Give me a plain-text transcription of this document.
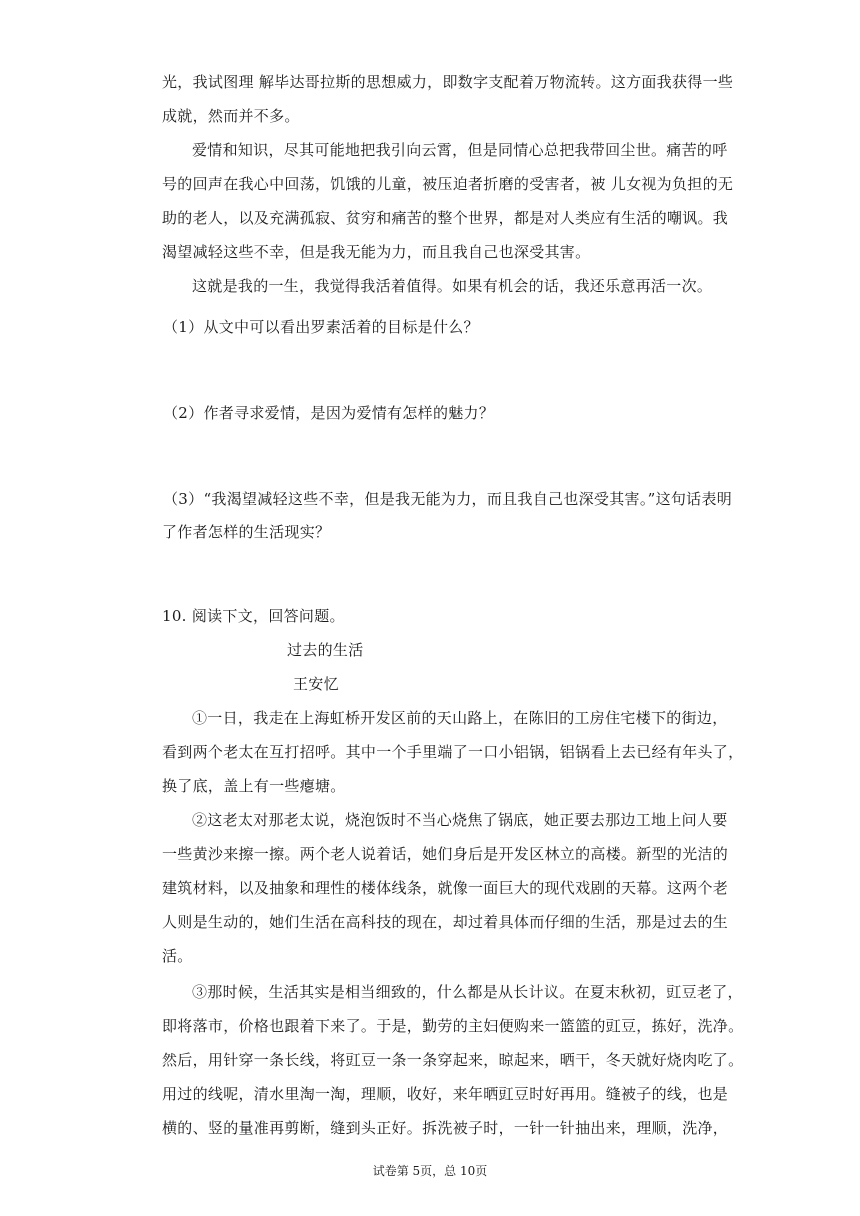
光，我试图理 解毕达哥拉斯的思想威力，即数字支配着万物流转。这方面我获得一些
成就，然而并不多。
爱情和知识，尽其可能地把我引向云霄，但是同情心总把我带回尘世。痛苦的呼
号的回声在我心中回荡，饥饿的儿童，被压迫者折磨的受害者，被 儿女视为负担的无
助的老人，以及充满孤寂、贫穷和痛苦的整个世界，都是对人类应有生活的嘲讽。我
渴望减轻这些不幸，但是我无能为力，而且我自己也深受其害。
这就是我的一生，我觉得我活着值得。如果有机会的话，我还乐意再活一次。
（1）从文中可以看出罗素活着的目标是什么？
（2）作者寻求爱情，是因为爱情有怎样的魅力？
（3）“我渴望减轻这些不幸，但是我无能为力，而且我自己也深受其害。”这句话表明
了作者怎样的生活现实？
10. 阅读下文，回答问题。
过去的生活
王安忆
①一日，我走在上海虹桥开发区前的天山路上，在陈旧的工房住宅楼下的街边，
看到两个老太在互打招呼。其中一个手里端了一口小铝锅，铝锅看上去已经有年头了，
换了底，盖上有一些瘪塘。
②这老太对那老太说，烧泡饭时不当心烧焦了锅底，她正要去那边工地上问人要
一些黄沙来擦一擦。两个老人说着话，她们身后是开发区林立的高楼。新型的光洁的
建筑材料，以及抽象和理性的楼体线条，就像一面巨大的现代戏剧的天幕。这两个老
人则是生动的，她们生活在高科技的现在，却过着具体而仔细的生活，那是过去的生
活。
③那时候，生活其实是相当细致的，什么都是从长计议。在夏末秋初，豇豆老了，
即将落市，价格也跟着下来了。于是，勤劳的主妇便购来一篮篮的豇豆，拣好，洗净。
然后，用针穿一条长线，将豇豆一条一条穿起来，晾起来，晒干，冬天就好烧肉吃了。
用过的线呢，清水里淘一淘，理顺，收好，来年晒豇豆时好再用。缝被子的线，也是
横的、竖的量准再剪断，缝到头正好。拆洗被子时，一针一针抽出来，理顺，洗净，
试卷第 5页，总 10页
